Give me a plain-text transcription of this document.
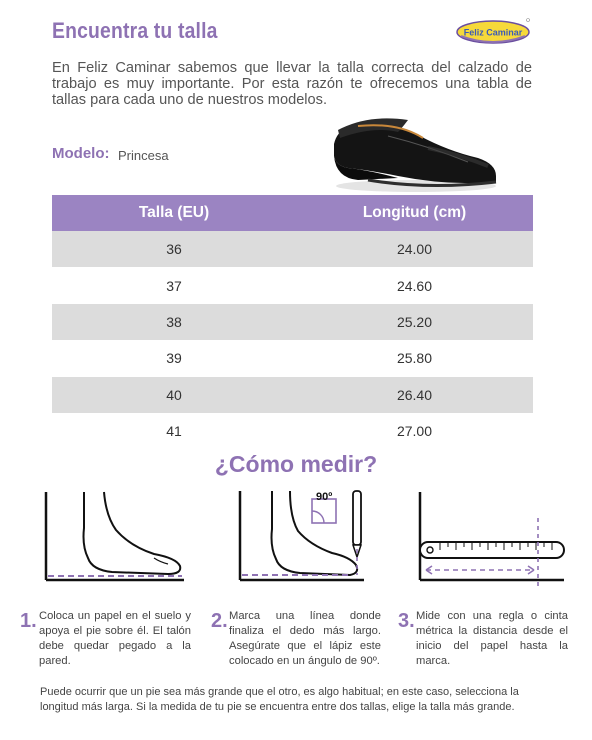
Encuentra tu talla	Feliz Caminar
En Feliz Caminar sabemos que llevar la talla correcta del calzado de trabajo es muy importante. Por esta razón te ofrecemos una tabla de tallas para cada uno de nuestros modelos.
Modelo: Princesa
Talla (EU)	Longitud (cm)
36	24.00
37	24.60
38	25.20
39	25.80
40	26.40
41	27.00
¿Cómo medir?
90º
1. Coloca un papel en el suelo y apoya el pie sobre él. El talón debe quedar pegado a la pared.
2. Marca una línea donde finaliza el dedo más largo. Asegúrate que el lápiz este colocado en un ángulo de 90º.
3. Mide con una regla o cinta métrica la distancia desde el inicio del papel hasta la marca.
Puede ocurrir que un pie sea más grande que el otro, es algo habitual; en este caso, selecciona la longitud más larga. Si la medida de tu pie se encuentra entre dos tallas, elige la talla más grande.
